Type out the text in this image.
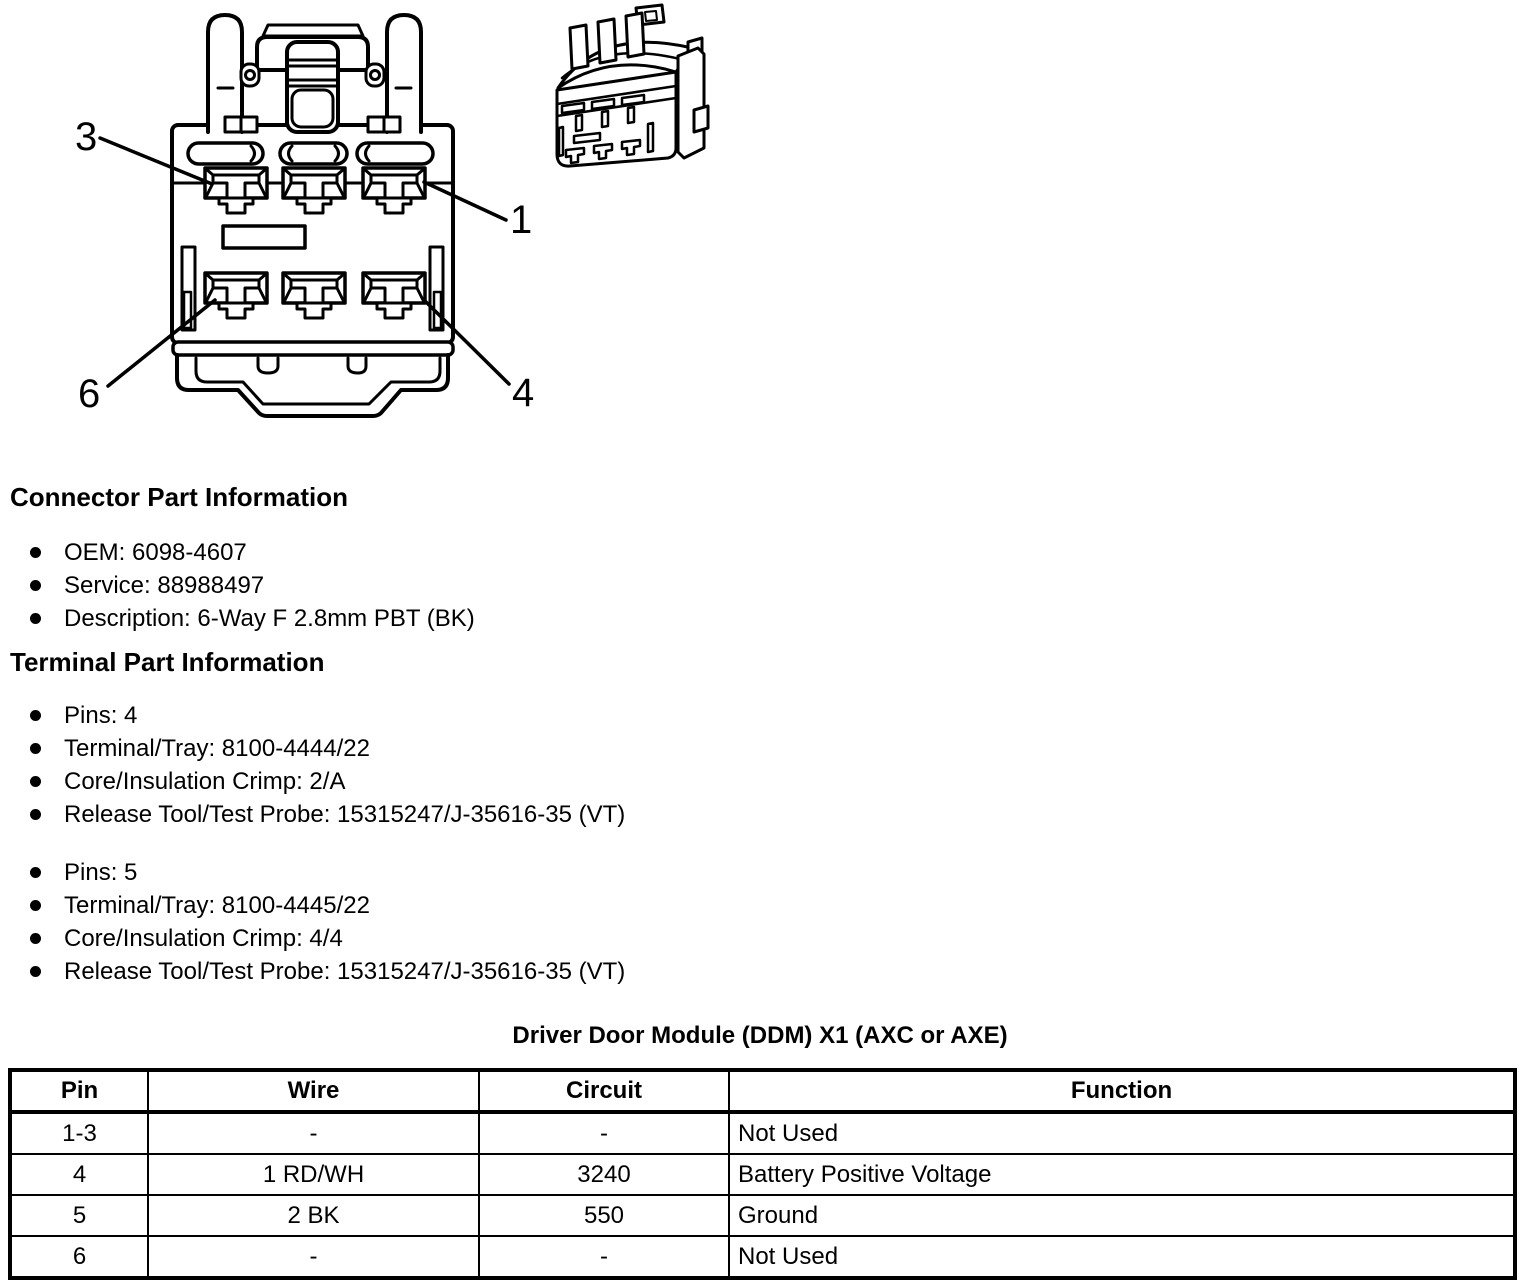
3
1
6	4
Connector Part Information
OEM: 6098-4607
Service: 88988497
Description: 6-Way F 2.8mm PBT (BK)
Terminal Part Information
Pins: 4
Terminal/Tray: 8100-4444/22
Core/Insulation Crimp: 2/A
Release Tool/Test Probe: 15315247/J-35616-35 (VT)
Pins: 5
Terminal/Tray: 8100-4445/22
Core/Insulation Crimp: 4/4
Release Tool/Test Probe: 15315247/J-35616-35 (VT)
Driver Door Module (DDM) X1 (AXC or AXE)
Pin	Wire	Circuit	Function
1-3	-	-	Not Used
4	1 RD/WH	3240	Battery Positive Voltage
5	2 BK	550	Ground
6	-	-	Not Used
